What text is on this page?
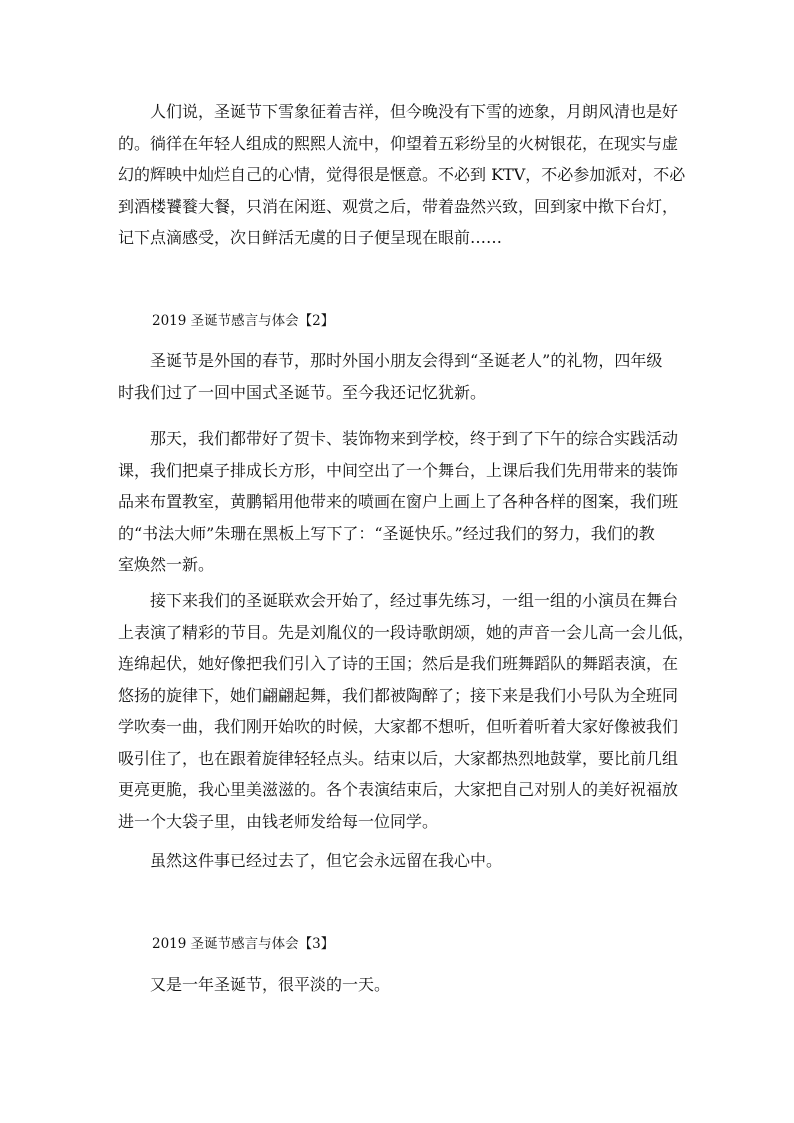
人们说，圣诞节下雪象征着吉祥，但今晚没有下雪的迹象，月朗风清也是好
的。徜徉在年轻人组成的熙熙人流中，仰望着五彩纷呈的火树银花，在现实与虚
幻的辉映中灿烂自己的心情，觉得很是惬意。不必到 KTV，不必参加派对，不必
到酒楼饕餮大餐，只消在闲逛、观赏之后，带着盎然兴致，回到家中揿下台灯，
记下点滴感受，次日鲜活无虞的日子便呈现在眼前……
2019 圣诞节感言与体会【2】
圣诞节是外国的春节，那时外国小朋友会得到“圣诞老人”的礼物，四年级
时我们过了一回中国式圣诞节。至今我还记忆犹新。
那天，我们都带好了贺卡、装饰物来到学校，终于到了下午的综合实践活动
课，我们把桌子排成长方形，中间空出了一个舞台，上课后我们先用带来的装饰
品来布置教室，黄鹏韬用他带来的喷画在窗户上画上了各种各样的图案，我们班
的“书法大师”朱珊在黑板上写下了：“圣诞快乐。”经过我们的努力，我们的教
室焕然一新。
接下来我们的圣诞联欢会开始了，经过事先练习，一组一组的小演员在舞台
上表演了精彩的节目。先是刘胤仪的一段诗歌朗颂，她的声音一会儿高一会儿低，
连绵起伏，她好像把我们引入了诗的王国；然后是我们班舞蹈队的舞蹈表演，在
悠扬的旋律下，她们翩翩起舞，我们都被陶醉了；接下来是我们小号队为全班同
学吹奏一曲，我们刚开始吹的时候，大家都不想听，但听着听着大家好像被我们
吸引住了，也在跟着旋律轻轻点头。结束以后，大家都热烈地鼓掌，要比前几组
更亮更脆，我心里美滋滋的。各个表演结束后，大家把自己对别人的美好祝福放
进一个大袋子里，由钱老师发给每一位同学。
虽然这件事已经过去了，但它会永远留在我心中。
2019 圣诞节感言与体会【3】
又是一年圣诞节，很平淡的一天。
